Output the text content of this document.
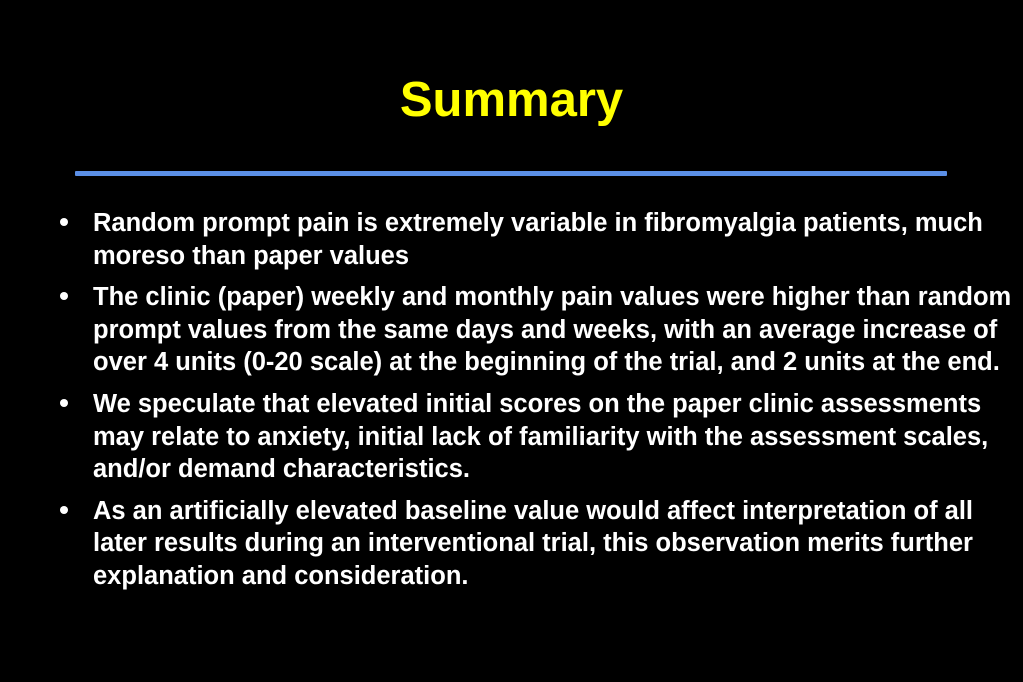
Summary
Random prompt pain is extremely variable in fibromyalgia patients, much moreso than paper values
The clinic (paper) weekly and monthly pain values were higher than random prompt values from the same days and weeks, with an average increase of over 4 units (0-20 scale) at the beginning of the trial, and 2 units at the end.
We speculate that elevated initial scores on the paper clinic assessments may relate to anxiety, initial lack of familiarity with the assessment scales, and/or demand characteristics.
As an artificially elevated baseline value would affect interpretation of all later results during an interventional trial, this observation merits further explanation and consideration.
